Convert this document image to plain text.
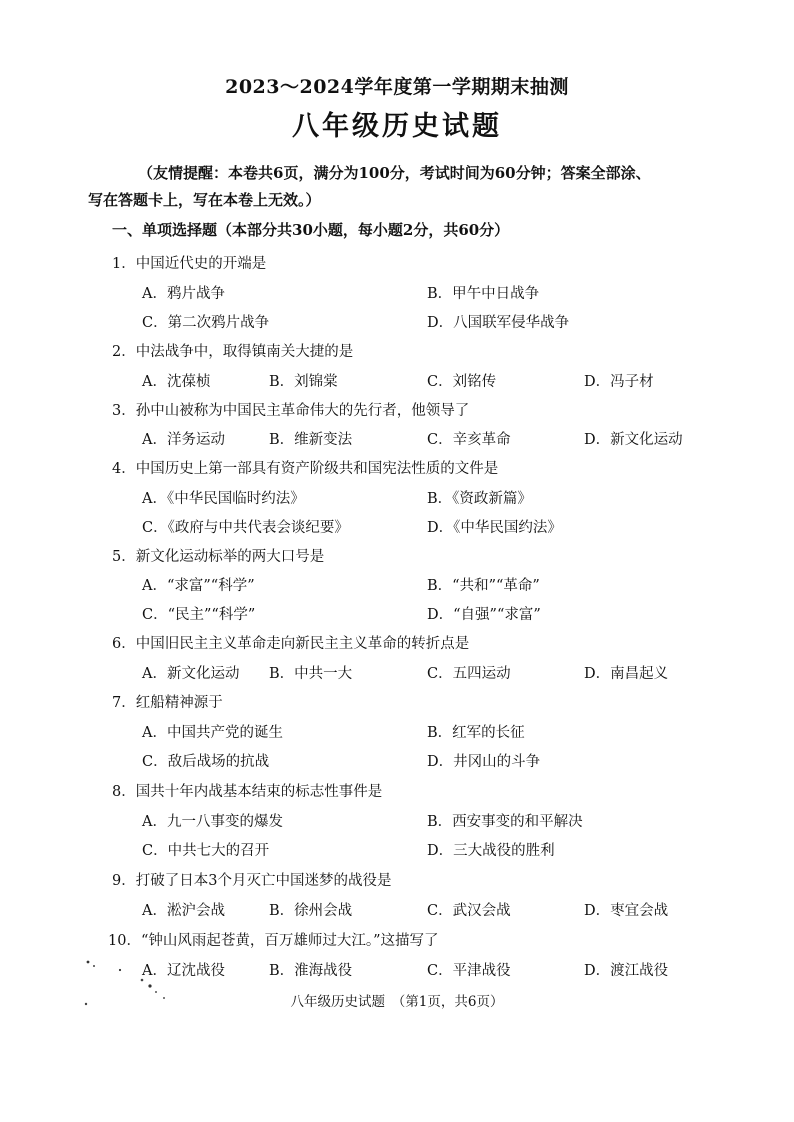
2023～2024学年度第一学期期末抽测
八年级历史试题
（友情提醒：本卷共6页，满分为100分，考试时间为60分钟；答案全部涂、
写在答题卡上，写在本卷上无效。）
一、单项选择题（本部分共30小题，每小题2分，共60分）
1．中国近代史的开端是
A．鸦片战争	B．甲午中日战争
C．第二次鸦片战争	D．八国联军侵华战争
2．中法战争中，取得镇南关大捷的是
A．沈葆桢	B．刘锦棠	C．刘铭传	D．冯子材
3．孙中山被称为中国民主革命伟大的先行者，他领导了
A．洋务运动	B．维新变法	C．辛亥革命	D．新文化运动
4．中国历史上第一部具有资产阶级共和国宪法性质的文件是
A．《中华民国临时约法》	B．《资政新篇》
C．《政府与中共代表会谈纪要》	D．《中华民国约法》
5．新文化运动标举的两大口号是
A．“求富”“科学”	B．“共和”“革命”
C．“民主”“科学”	D．“自强”“求富”
6．中国旧民主主义革命走向新民主主义革命的转折点是
A．新文化运动 B．中共一大	C．五四运动	D．南昌起义
7．红船精神源于
A．中国共产党的诞生	B．红军的长征
C．敌后战场的抗战	D．井冈山的斗争
8．国共十年内战基本结束的标志性事件是
A．九一八事变的爆发	B．西安事变的和平解决
C．中共七大的召开	D．三大战役的胜利
9．打破了日本3个月灭亡中国迷梦的战役是
A．淞沪会战	B．徐州会战	C．武汉会战	D．枣宜会战
10．“钟山风雨起苍黄，百万雄师过大江。”这描写了
A．辽沈战役	B．淮海战役	C．平津战役	D．渡江战役
八年级历史试题　（第1页，共6页）
